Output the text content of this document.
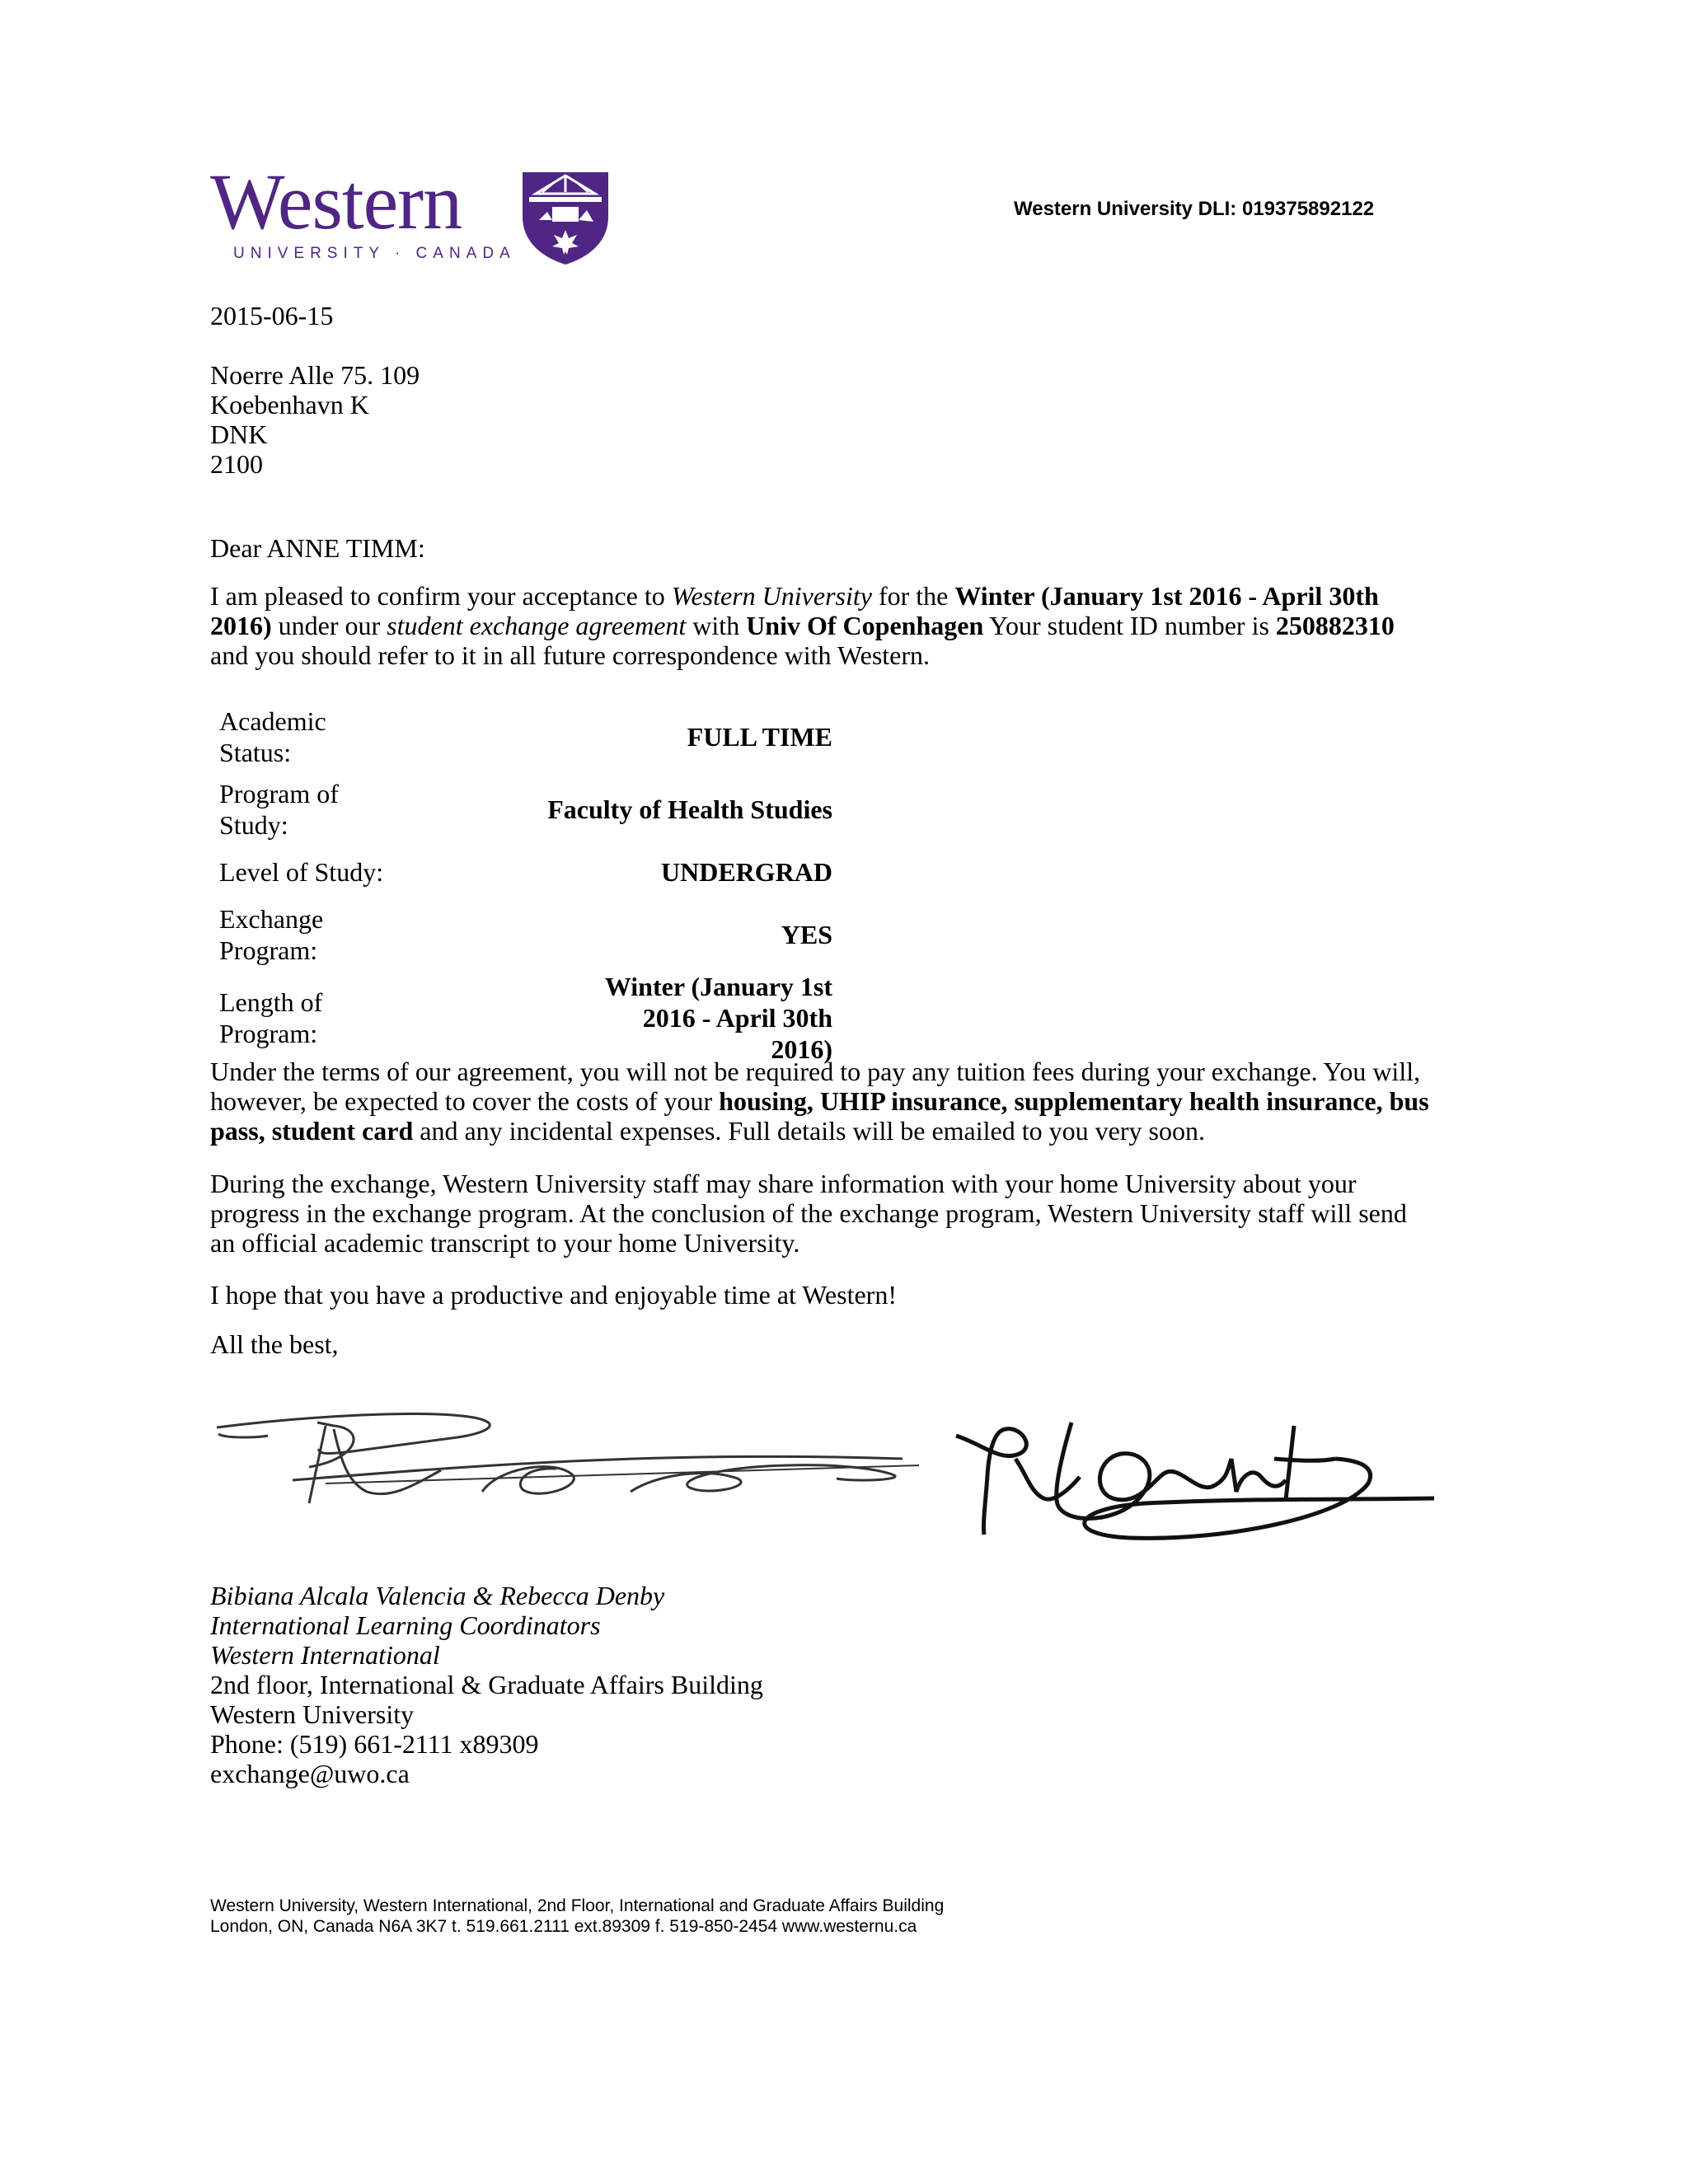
Western
UNIVERSITY · CANADA
Western University DLI: 019375892122
2015-06-15
Noerre Alle 75. 109
Koebenhavn K
DNK
2100
Dear ANNE TIMM:
I am pleased to confirm your acceptance to Western University for the Winter (January 1st 2016 - April 30th 2016) under our student exchange agreement with Univ Of Copenhagen Your student ID number is 250882310 and you should refer to it in all future correspondence with Western.
Academic Status:	FULL TIME
Program of Study:	Faculty of Health Studies
Level of Study:	UNDERGRAD
Exchange Program:	YES
Length of Program:	Winter (January 1st 2016 - April 30th 2016)
Under the terms of our agreement, you will not be required to pay any tuition fees during your exchange. You will, however, be expected to cover the costs of your housing, UHIP insurance, supplementary health insurance, bus pass, student card and any incidental expenses. Full details will be emailed to you very soon.
During the exchange, Western University staff may share information with your home University about your progress in the exchange program. At the conclusion of the exchange program, Western University staff will send an official academic transcript to your home University.
I hope that you have a productive and enjoyable time at Western!
All the best,
Bibiana Alcala Valencia & Rebecca Denby
International Learning Coordinators
Western International
2nd floor, International & Graduate Affairs Building
Western University
Phone: (519) 661-2111 x89309
exchange@uwo.ca
Western University, Western International, 2nd Floor, International and Graduate Affairs Building
London, ON, Canada N6A 3K7 t. 519.661.2111 ext.89309 f. 519-850-2454 www.westernu.ca
